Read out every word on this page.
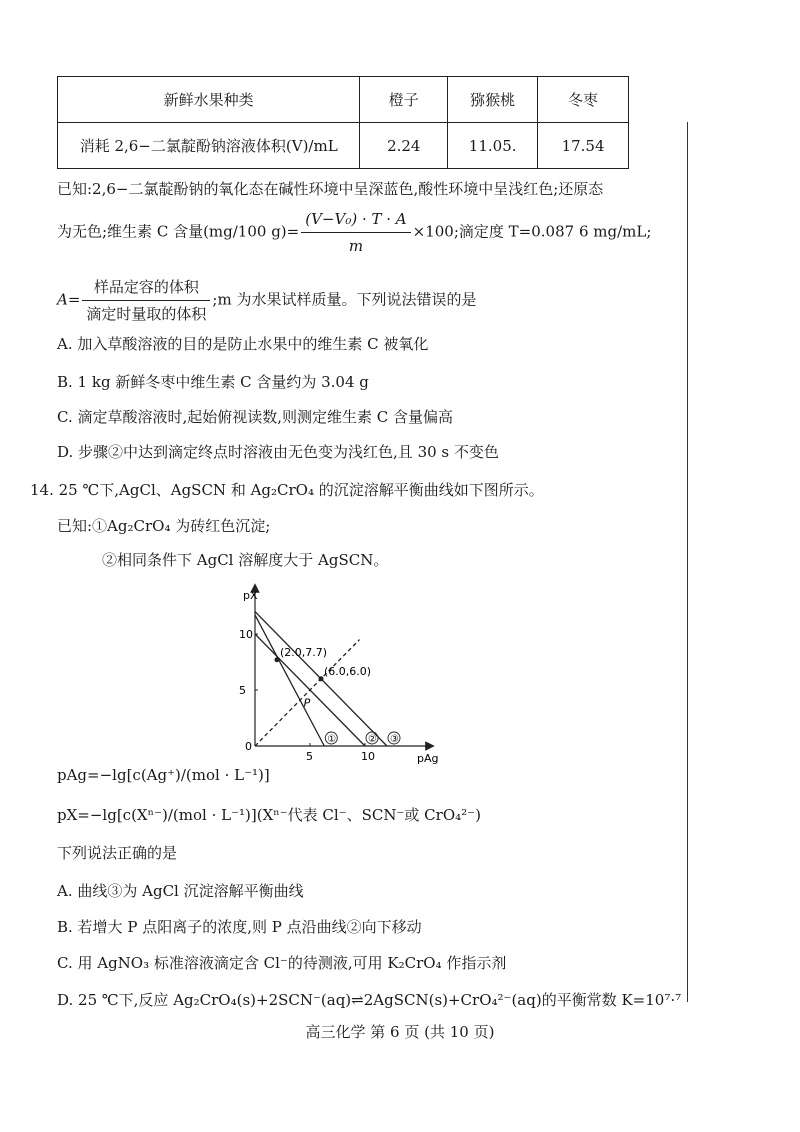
新鲜水果种类	橙子	猕猴桃	冬枣
消耗 2,6−二氯靛酚钠溶液体积(V)/mL	2.24	11.05.	17.54
已知:2,6−二氯靛酚钠的氧化态在碱性环境中呈深蓝色,酸性环境中呈浅红色;还原态
为无色;维生素 C 含量(mg/100 $g)= \frac{\text{(V−V₀) · T · A}}{m} \times 100$;滴定度 T=0.087 6 mg/mL;
$A= \frac{\text{样品定容的体积}}{\text{滴定时量取的体积}}$ ;m 为水果试样质量。下列说法错误的是
A. 加入草酸溶液的目的是防止水果中的维生素 C 被氧化
B. 1 kg 新鲜冬枣中维生素 C 含量约为 3.04 g
C. 滴定草酸溶液时,起始俯视读数,则测定维生素 C 含量偏高
D. 步骤②中达到滴定终点时溶液由无色变为浅红色,且 30 s 不变色
14. 25 ℃下,AgCl、AgSCN 和 Ag₂CrO₄ 的沉淀溶解平衡曲线如下图所示。
已知:①Ag₂CrO₄ 为砖红色沉淀;
②相同条件下 AgCl 溶解度大于 AgSCN。
pX
pAg
0
5	10
5
10
①	② ③
(2.0,7.7)
(6.0,6.0)
P
pAg=−lg[c(Ag⁺)/(mol · L⁻¹)]
pX=−lg[c(Xⁿ⁻)/(mol · L⁻¹)](Xⁿ⁻代表 Cl⁻、SCN⁻或 CrO₄²⁻)
下列说法正确的是
A. 曲线③为 AgCl 沉淀溶解平衡曲线
B. 若增大 P 点阳离子的浓度,则 P 点沿曲线②向下移动
C. 用 AgNO₃ 标准溶液滴定含 Cl⁻的待测液,可用 K₂CrO₄ 作指示剂
D. 25 ℃下,反应 Ag₂CrO₄(s)+2SCN⁻(aq)⇌2AgSCN(s)+CrO₄²⁻(aq)的平衡常数 K=10⁷·⁷
高三化学 第 6 页 (共 10 页)
